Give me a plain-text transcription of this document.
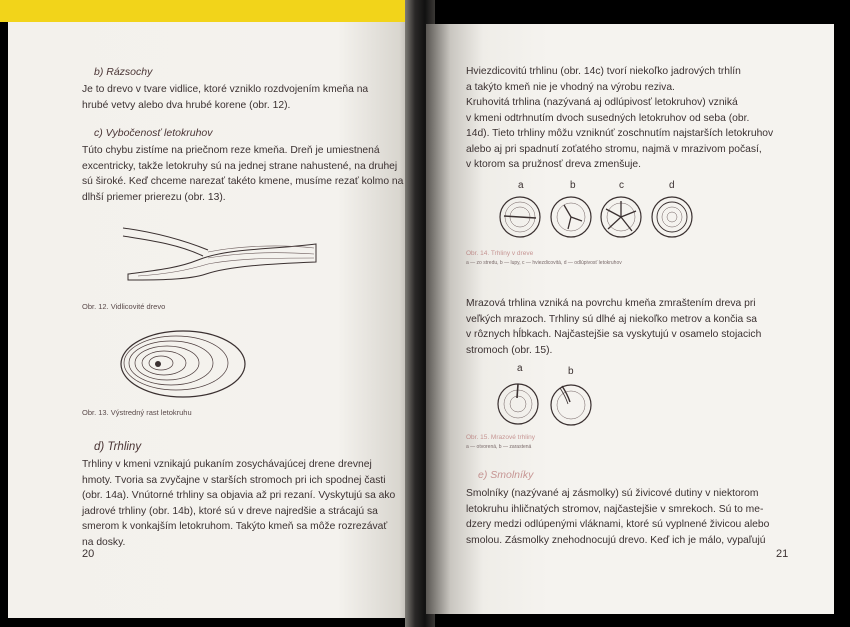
b) Rázsochy
Je to drevo v tvare vidlice, ktoré vzniklo rozdvojením kmeňa na
hrubé vetvy alebo dva hrubé korene (obr. 12).
c) Vybočenosť letokruhov
Túto chybu zistíme na priečnom reze kmeňa. Dreň je umiestnená
excentricky, takže letokruhy sú na jednej strane nahustené, na druhej
sú široké. Keď chceme narezať takéto kmene, musíme rezať kolmo na
dlhší priemer prierezu (obr. 13).
Obr. 12. Vidlicovité drevo
Obr. 13. Výstredný rast letokruhu
d) Trhliny
Trhliny v kmeni vznikajú pukaním zosychávajúcej drene drevnej
hmoty. Tvoria sa zvyčajne v starších stromoch pri ich spodnej časti
(obr. 14a). Vnútorné trhliny sa objavia až pri rezaní. Vyskytujú sa ako
jadrové trhliny (obr. 14b), ktoré sú v dreve najredšie a strácajú sa
smerom k vonkajším letokruhom. Takýto kmeň sa môže rozrezávať
na dosky.
20
Hviezdicovitú trhlinu (obr. 14c) tvorí niekoľko jadrových trhlín
a takýto kmeň nie je vhodný na výrobu reziva.
Kruhovitá trhlina (nazývaná aj odlúpivosť letokruhov) vzniká
v kmeni odtrhnutím dvoch susedných letokruhov od seba (obr.
14d). Tieto trhliny môžu vzniknúť zoschnutím najstarších letokruhov
alebo aj pri spadnutí zoťatého stromu, najmä v mrazivom počasí,
v ktorom sa pružnosť dreva zmenšuje.
a	b	c	d
Obr. 14. Trhliny v dreve
a — zo stredu, b — lupy, c — hviezdicovitá, d — odlúpivosť letokruhov
Mrazová trhlina vzniká na povrchu kmeňa zmraštením dreva pri
veľkých mrazoch. Trhliny sú dlhé aj niekoľko metrov a končia sa
v rôznych hĺbkach. Najčastejšie sa vyskytujú v osamelo stojacich
stromoch (obr. 15).
a	b
Obr. 15. Mrazové trhliny
a — otvorená, b — zarastená
e) Smolníky
Smolníky (nazývané aj zásmolky) sú živicové dutiny v niektorom
letokruhu ihličnatých stromov, najčastejšie v smrekoch. Sú to me-
dzery medzi odlúpenými vláknami, ktoré sú vyplnené živicou alebo
smolou. Zásmolky znehodnocujú drevo. Keď ich je málo, vypaľujú
21
